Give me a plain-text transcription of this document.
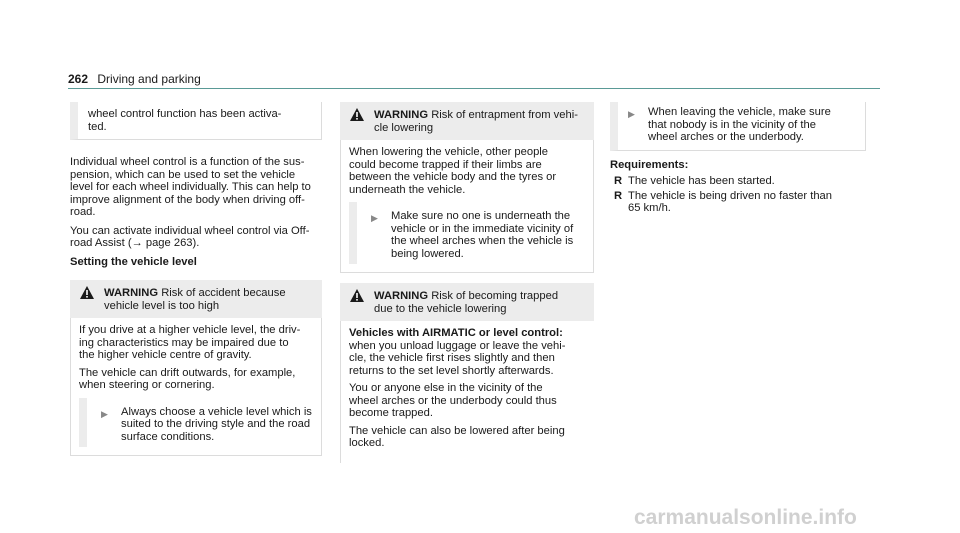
262 Driving and parking
wheel control function has been activa-
ted.

Individual wheel control is a function of the sus-
pension, which can be used to set the vehicle
level for each wheel individually. This can help to
improve alignment of the body when driving off-
road.

You can activate individual wheel control via Off-
road Assist (→ page 263).

Setting the vehicle level

WARNING Risk of accident because
vehicle level is too high

If you drive at a higher vehicle level, the driv-
ing characteristics may be impaired due to
the higher vehicle centre of gravity.

The vehicle can drift outwards, for example,
when steering or cornering.

▶	Always choose a vehicle level which is
suited to the driving style and the road
surface conditions.
WARNING Risk of entrapment from vehi-
cle lowering

When lowering the vehicle, other people
could become trapped if their limbs are
between the vehicle body and the tyres or
underneath the vehicle.

▶	Make sure no one is underneath the
vehicle or in the immediate vicinity of
the wheel arches when the vehicle is
being lowered.
WARNING Risk of becoming trapped
due to the vehicle lowering

Vehicles with AIRMATIC or level control:

when you unload luggage or leave the vehi-
cle, the vehicle first rises slightly and then
returns to the set level shortly afterwards.

You or anyone else in the vicinity of the
wheel arches or the underbody could thus
become trapped.

The vehicle can also be lowered after being
locked.

▶	When leaving the vehicle, make sure
that nobody is in the vicinity of the
wheel arches or the underbody.

Requirements:

R The vehicle has been started.
R The vehicle is being driven no faster than
65 km/h.
carmanualsonline.info
